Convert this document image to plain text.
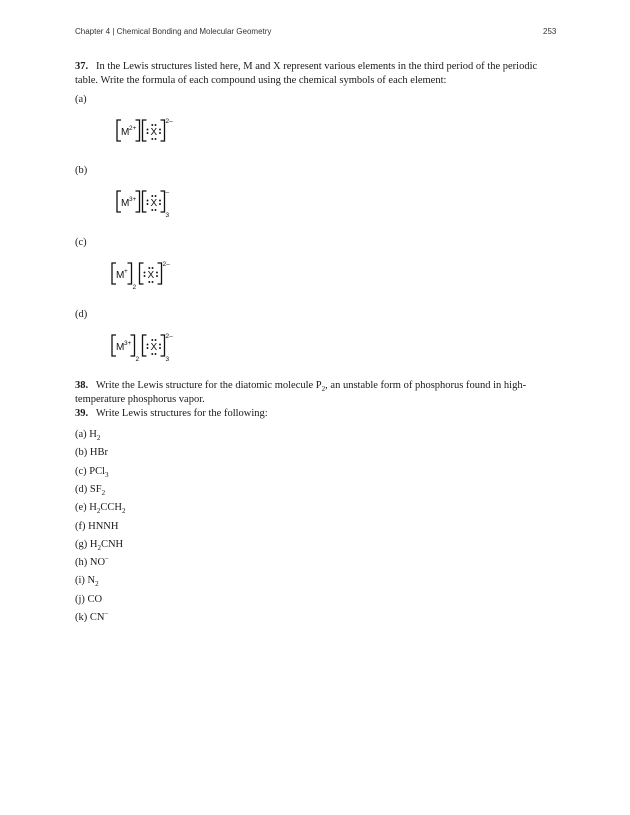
Chapter 4 | Chemical Bonding and Molecular Geometry	253
37. In the Lewis structures listed here, M and X represent various elements in the third period of the periodic table. Write the formula of each compound using the chemical symbols of each element:
(a)
M 2+ X
2–
(b)
M 3+ X
–
3
(c)
M +
2
X
2–
(d)
M 3+
2
X
2–
3
38. Write the Lewis structure for the diatomic molecule $P_2$, an unstable form of phosphorus found in high-temperature phosphorus vapor.
39. Write Lewis structures for the following:
(a) $H_2$
(b) HBr
(c) PCl$_3$
(d) $SF_2$
(e) $H_2CCH_2$
(f) HNNH
(g) $H_2CNH$
(h) NO–
(i) $N_2$
(j) CO
(k) CN–
